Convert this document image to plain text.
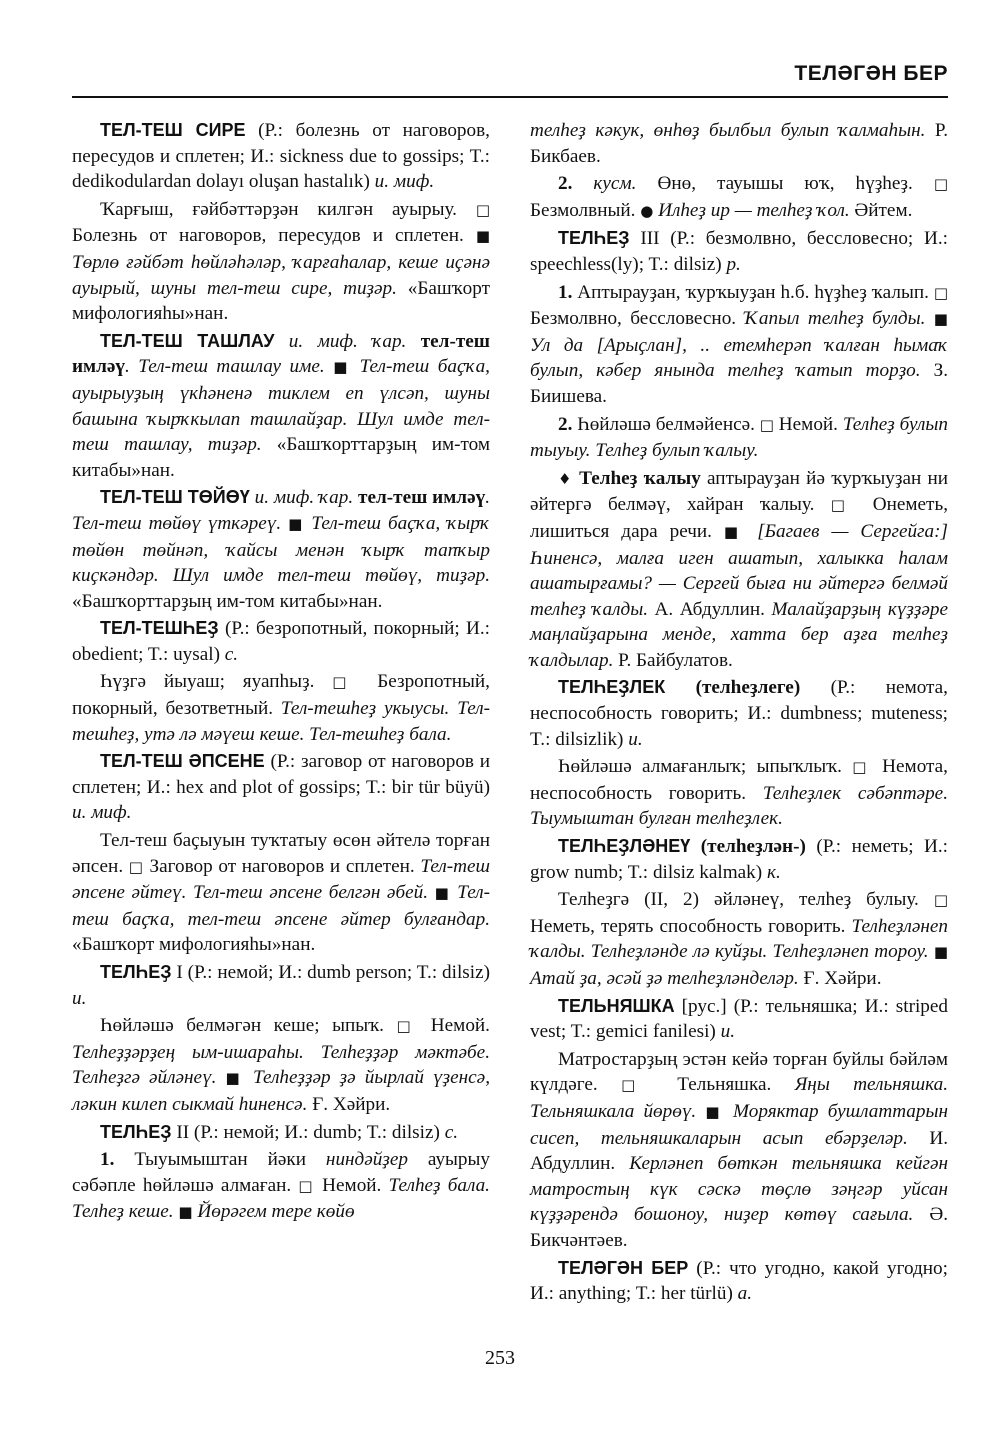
ТЕЛӘГӘН БЕР

ТЕЛ-ТЕШ СИРЕ (Р.: болезнь от наговоров, пересудов и сплетен; И.: sickness due to gossips; T.: dedikodulardan dolayı oluşan hastalık) и. миф.

Ҡарғыш, ғәйбәттәрҙән килгән ауырыу. □ Болезнь от наговоров, пересудов и сплетен. ■ Төрлө ғәйбәт һөйләһәләр, ҡарғаһалар, кеше иҫәнә ауырый, шуны тел-теш сире, тиҙәр. «Башҡорт мифологияһы»нан.

ТЕЛ-ТЕШ ТАШЛАУ и. миф. ҡар. тел-теш имләү. Тел-теш ташлау име. ■ Тел-теш баҫҡа, ауырыуҙың үкһәненә тиклем еп үлсәп, шуны башына ҡырҡкылап ташлайҙар. Шул имде тел-теш ташлау, тиҙәр. «Башҡорттарҙың им-том китабы»нан.

ТЕЛ-ТЕШ ТӨЙӨҮ и. миф. ҡар. тел-теш имләү. Тел-теш төйөү үткәреү. ■ Тел-теш баҫҡа, ҡырҡ төйөн төйнәп, ҡайсы менән ҡырҡ тапҡыр киҫкәндәр. Шул имде тел-теш төйөү, тиҙәр. «Башҡорттарҙың им-том китабы»нан.

ТЕЛ-ТЕШҺЕҘ (Р.: безропотный, покорный; И.: obedient; T.: uysal) с.

Һүҙгә йыуаш; яуапһыҙ. □ Безропотный, покорный, безответный. Тел-тешһеҙ укыусы. Тел-тешһеҙ, утә лә мәүеш кеше. Тел-тешһеҙ бала.

ТЕЛ-ТЕШ ӘПСЕНЕ (Р.: заговор от наговоров и сплетен; И.: hex and plot of gossips; T.: bir tür büyü) и. миф.

Тел-теш баҫыуын туҡтатыу өсөн әйтелә торған әпсен. □ Заговор от наговоров и сплетен. Тел-теш әпсене әйтеү. Тел-теш әпсене белгән әбей. ■ Тел-теш баҫҡа, тел-теш әпсене әйтер булғандар. «Башҡорт мифологияһы»нан.

ТЕЛҺЕҘ I (Р.: немой; И.: dumb person; T.: dilsiz) и.

Һөйләшә белмәгән кеше; ыпыҡ. □ Немой. Телһеҙҙәрҙең ым-ишараһы. Телһеҙҙәр мәктәбе. Телһеҙгә әйләнеү. ■ Телһеҙҙәр ҙә йырлай үҙенсә, ләкин килеп сыкмай һиненсә. Ғ. Хәйри.

ТЕЛҺЕҘ II (Р.: немой; И.: dumb; T.: dilsiz) с.

1. Тыуымыштан йәки ниндәйҙер ауырыу сәбәпле һөйләшә алмаған. □ Немой. Телһеҙ бала. Телһеҙ кеше. ■ Йөрәгем тере көйө

телһеҙ кәкук, өнһөҙ былбыл булып ҡалмаһын. Р. Бикбаев.

2. кусм. Өнө, тауышы юҡ, һүҙһеҙ. □ Безмолвный. ● Илһеҙ ир — телһеҙ ҡол. Әйтем.

ТЕЛҺЕҘ III (Р.: безмолвно, бессловесно; И.: speechless(ly); T.: dilsiz) р.

1. Аптырауҙан, ҡурҡыуҙан һ.б. һүҙһеҙ ҡалып. □ Безмолвно, бессловесно. Ҡапыл телһеҙ булды. ■ Ул да [Арыҫлан], .. етемһерәп ҡалған һымаҡ булып, кәбер янында телһеҙ ҡатып торҙо. З. Биишева.

2. Һөйләшә белмәйенсә. □ Немой. Телһеҙ булып тыуыу. Телһеҙ булып ҡалыу.

♦ Телһеҙ ҡалыу аптырауҙан йә ҡурҡыуҙан ни әйтергә белмәү, хайран ҡалыу. □ Онеметь, лишиться дара речи. ■ [Багаев — Сергейга:] Һиненсә, малға иген ашатып, халыкка һалам ашатырғамы? — Сергей быға ни әйтергә белмәй телһеҙ ҡалды. А. Абдуллин. Малайҙарҙың күҙҙәре маңлайҙарына менде, хатта бер аҙға телһеҙ ҡалдылар. Р. Байбулатов.

ТЕЛҺЕҘЛЕК (телһеҙлеге) (Р.: немота, неспособность говорить; И.: dumbness; muteness; T.: dilsizlik) и.

Һөйләшә алмағанлыҡ; ыпыҡлыҡ. □ Немота, неспособность говорить. Телһеҙлек сәбәптәре. Тыумыштан булған телһеҙлек.

ТЕЛҺЕҘЛӘНЕҮ (телһеҙлән-) (Р.: неметь; И.: grow numb; T.: dilsiz kalmak) к.

Телһеҙгә (II, 2) әйләнеү, телһеҙ булыу. □ Неметь, терять способность говорить. Телһеҙләнеп ҡалды. Телһеҙләнде лә куйҙы. Телһеҙләнеп тороу. ■ Атай ҙа, әсәй ҙә телһеҙләнделәр. Ғ. Хәйри.

ТЕЛЬНЯШКА [рус.] (Р.: тельняшка; И.: striped vest; T.: gemici fanilesi) и.

Матростарҙың эстән кейә торған буйлы бәйләм күлдәге. □ Тельняшка. Яңы тельняшка. Тельняшкала йөрөү. ■ Моряктар бушлаттарын сисеп, тельняшкаларын асып ебәрҙеләр. И. Абдуллин. Керләнеп бөткән тельняшка кейгән матростың күк сәскә төҫлө зәңгәр уйсан күҙҙәрендә бошоноу, ниҙер көтөү сағыла. Ә. Бикчәнтәев.

ТЕЛӘГӘН БЕР (Р.: что угодно, какой угодно; И.: anything; T.: her türlü) а.

253
